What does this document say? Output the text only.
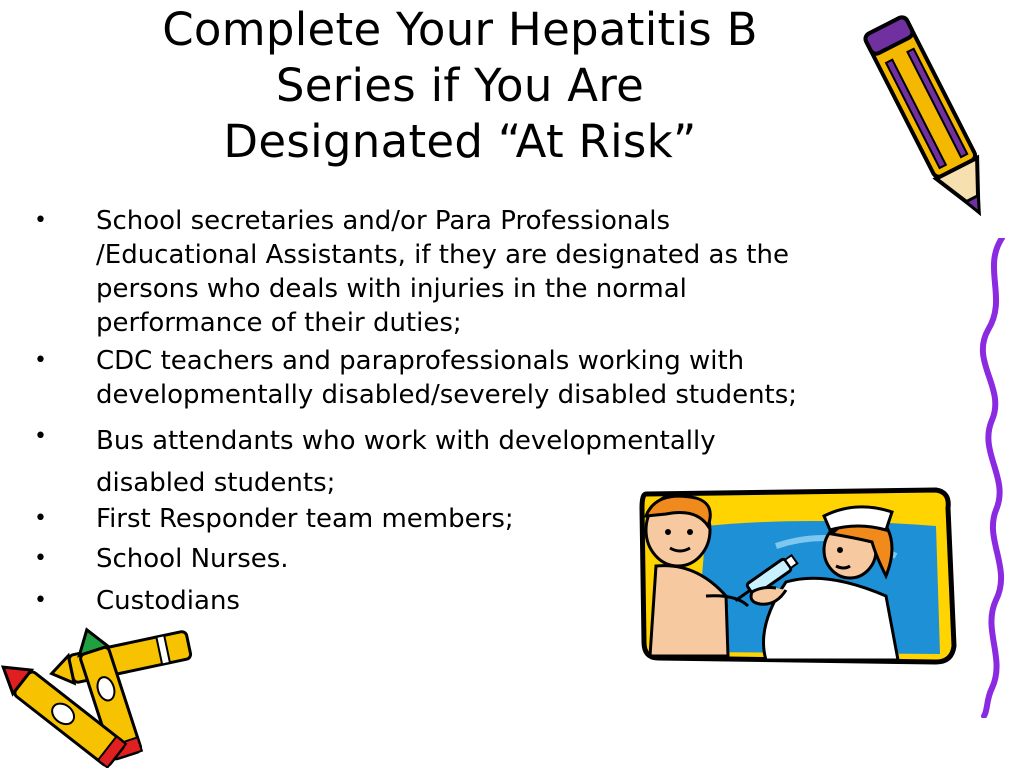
Complete Your Hepatitis B
Series if You Are
Designated “At Risk”
• School secretaries and/or Para Professionals
/Educational Assistants, if they are designated as the
persons who deals with injuries in the normal
performance of their duties;
• CDC teachers and paraprofessionals working with
developmentally disabled/severely disabled students;
• Bus attendants who work with developmentally
disabled students;
• First Responder team members;
• School Nurses.
• Custodians
